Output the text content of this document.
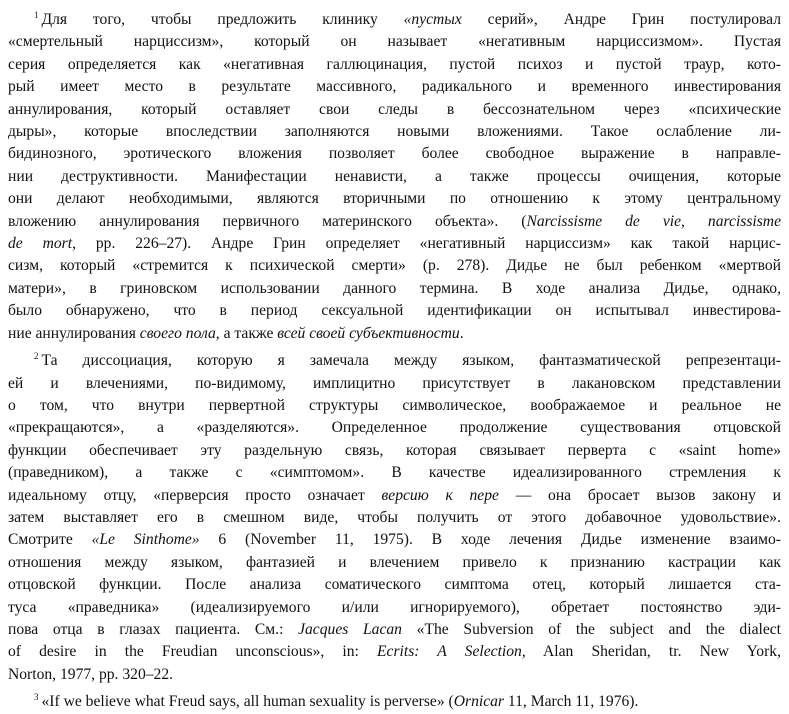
$^1$ Для того, чтобы предложить клинику «пустых серий», Андре Грин постулировал
«смертельный нарциссизм», который он называет «негативным нарциссизмом». Пустая
серия определяется как «негативная галлюцинация, пустой психоз и пустой траур, кото-
рый имеет место в результате массивного, радикального и временного инвестирования
аннулирования, который оставляет свои следы в бессознательном через «психические
дыры», которые впоследствии заполняются новыми вложениями. Такое ослабление ли-
бидинозного, эротического вложения позволяет более свободное выражение в направле-
нии деструктивности. Манифестации ненависти, а также процессы очищения, которые
они делают необходимыми, являются вторичными по отношению к этому центральному
вложению аннулирования первичного материнского объекта». (Narcissisme de vie, narcissisme
de mort, pp. 226–27). Андре Грин определяет «негативный нарциссизм» как такой нарцис-
сизм, который «стремится к психической смерти» (p. 278). Дидье не был ребенком «мертвой
матери», в гриновском использовании данного термина. В ходе анализа Дидье, однако,
было обнаружено, что в период сексуальной идентификации он испытывал инвестирова-
ние аннулирования своего пола, а также всей своей субъективности.
$^2$ Та диссоциация, которую я замечала между языком, фантазматической репрезентаци-
ей и влечениями, по-видимому, имплицитно присутствует в лакановском представлении
о том, что внутри первертной структуры символическое, воображаемое и реальное не
«прекращаются», а «разделяются». Определенное продолжение существования отцовской
функции обеспечивает эту раздельную связь, которая связывает перверта с «saint home»
(праведником), а также с «симптомом». В качестве идеализированного стремления к
идеальному отцу, «перверсия просто означает версию к пере — она бросает вызов закону и
затем выставляет его в смешном виде, чтобы получить от этого добавочное удовольствие».
Смотрите «Le Sinthome» 6 (November 11, 1975). В ходе лечения Дидье изменение взаимо-
отношения между языком, фантазией и влечением привело к признанию кастрации как
отцовской функции. После анализа соматического симптома отец, который лишается ста-
туса «праведника» (идеализируемого и/или игнорируемого), обретает постоянство эди-
пова отца в глазах пациента. См.: Jacques Lacan «The Subversion of the subject and the dialect
of desire in the Freudian unconscious», in: Ecrits: A Selection, Alan Sheridan, tr. New York,
Norton, 1977, pp. 320–22.
$^3$ «If we believe what Freud says, all human sexuality is perverse» (Ornicar 11, March 11, 1976).
